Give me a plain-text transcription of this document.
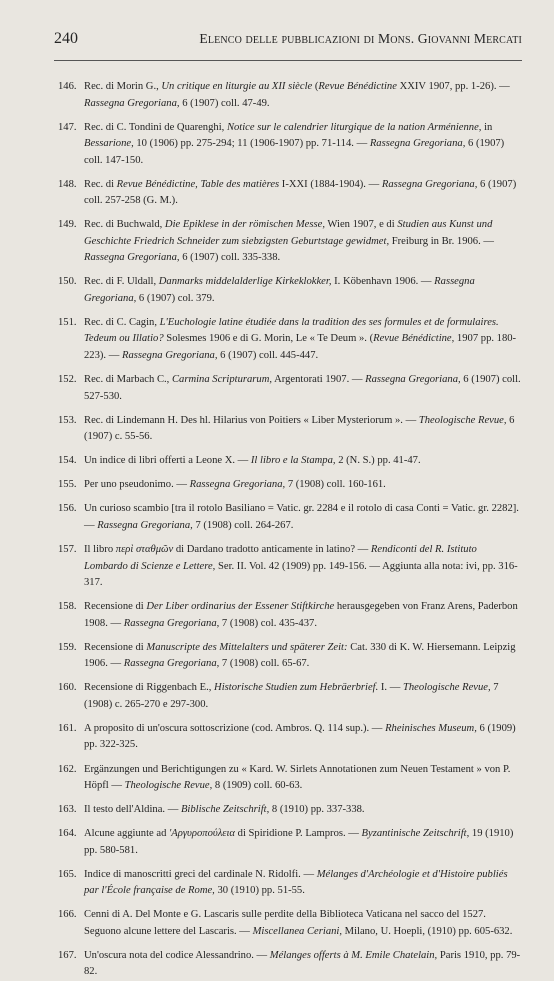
240	Elenco delle pubblicazioni di Mons. Giovanni Mercati
146. Rec. di Morin G., Un critique en liturgie au XII siècle (Revue Bénédictine XXIV 1907, pp. 1-26). — Rassegna Gregoriana, 6 (1907) coll. 47-49.
147. Rec. di C. Tondini de Quarenghi, Notice sur le calendrier liturgique de la nation Arménienne, in Bessarione, 10 (1906) pp. 275-294; 11 (1906-1907) pp. 71-114. — Rassegna Gregoriana, 6 (1907) coll. 147-150.
148. Rec. di Revue Bénédictine, Table des matières I-XXI (1884-1904). — Rassegna Gregoriana, 6 (1907) coll. 257-258 (G. M.).
149. Rec. di Buchwald, Die Epiklese in der römischen Messe, Wien 1907, e di Studien aus Kunst und Geschichte Friedrich Schneider zum siebzigsten Geburtstage gewidmet, Freiburg in Br. 1906. — Rassegna Gregoriana, 6 (1907) coll. 335-338.
150. Rec. di F. Uldall, Danmarks middelalderlige Kirkeklokker, I. Köbenhavn 1906. — Rassegna Gregoriana, 6 (1907) col. 379.
151. Rec. di C. Cagin, L'Euchologie latine étudiée dans la tradition des ses formules et de formulaires. Tedeum ou Illatio? Solesmes 1906 e di G. Morin, Le « Te Deum ». (Revue Bénédictine, 1907 pp. 180-223). — Rassegna Gregoriana, 6 (1907) coll. 445-447.
152. Rec. di Marbach C., Carmina Scripturarum, Argentorati 1907. — Rassegna Gregoriana, 6 (1907) coll. 527-530.
153. Rec. di Lindemann H. Des hl. Hilarius von Poitiers « Liber Mysteriorum ». — Theologische Revue, 6 (1907) c. 55-56.
154. Un indice di libri offerti a Leone X. — Il libro e la Stampa, 2 (N. S.) pp. 41-47.
155. Per uno pseudonimo. — Rassegna Gregoriana, 7 (1908) coll. 160-161.
156. Un curioso scambio [tra il rotolo Basiliano = Vatic. gr. 2284 e il rotolo di casa Conti = Vatic. gr. 2282]. — Rassegna Gregoriana, 7 (1908) coll. 264-267.
157. Il libro περὶ σταθμῶν di Dardano tradotto anticamente in latino? — Rendiconti del R. Istituto Lombardo di Scienze e Lettere, Ser. II. Vol. 42 (1909) pp. 149-156. — Aggiunta alla nota: ivi, pp. 316-317.
158. Recensione di Der Liber ordinarius der Essener Stiftkirche herausgegeben von Franz Arens, Paderbon 1908. — Rassegna Gregoriana, 7 (1908) col. 435-437.
159. Recensione di Manuscripte des Mittelalters und späterer Zeit: Cat. 330 di K. W. Hiersemann. Leipzig 1906. — Rassegna Gregoriana, 7 (1908) coll. 65-67.
160. Recensione di Riggenbach E., Historische Studien zum Hebräerbrief. I. — Theologische Revue, 7 (1908) c. 265-270 e 297-300.
161. A proposito di un'oscura sottoscrizione (cod. Ambros. Q. 114 sup.). — Rheinisches Museum, 6 (1909) pp. 322-325.
162. Ergänzungen und Berichtigungen zu « Kard. W. Sirlets Annotationen zum Neuen Testament » von P. Höpfl — Theologische Revue, 8 (1909) coll. 60-63.
163. Il testo dell'Aldina. — Biblische Zeitschrift, 8 (1910) pp. 337-338.
164. Alcune aggiunte ad 'Αργυροπούλεια di Spiridione P. Lampros. — Byzantinische Zeitschrift, 19 (1910) pp. 580-581.
165. Indice di manoscritti greci del cardinale N. Ridolfi. — Mélanges d'Archéologie et d'Histoire publiés par l'École française de Rome, 30 (1910) pp. 51-55.
166. Cenni di A. Del Monte e G. Lascaris sulle perdite della Biblioteca Vaticana nel sacco del 1527. Seguono alcune lettere del Lascaris. — Miscellanea Ceriani, Milano, U. Hoepli, (1910) pp. 605-632.
167. Un'oscura nota del codice Alessandrino. — Mélanges offerts à M. Emile Chatelain, Paris 1910, pp. 79-82.
